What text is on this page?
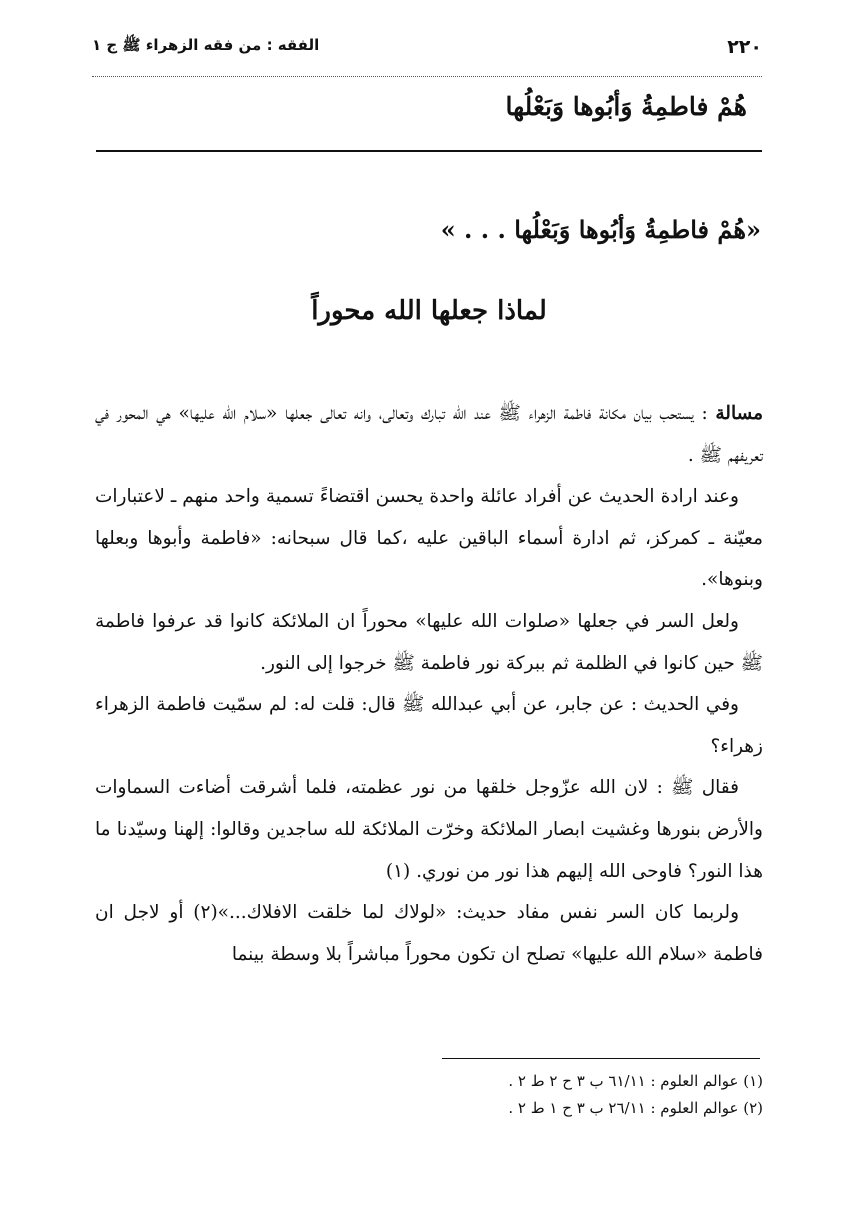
٢٢٠
الفقه : من فقه الزهراء ﷺ ج ١
هُمْ فاطمِةُ وَأبُوها وَبَعْلُها
«هُمْ فاطمِةُ وَأبُوها وَبَعْلُها . . . »
لماذا جعلها الله محوراً

مسالة : يستحب بيان مكانة فاطمة الزهراء ﷺ عند الله تبارك وتعالى، وانه تعالى جعلها «سلام الله عليها» هي المحور في تعريفهم ﷺ .

وعند ارادة الحديث عن أفراد عائلة واحدة يحسن اقتضاءً تسمية واحد منهم ـ لاعتبارات معيّنة ـ كمركز، ثم ادارة أسماء الباقين عليه ،كما قال سبحانه: «فاطمة وأبوها وبعلها وبنوها».

ولعل السر في جعلها «صلوات الله عليها» محوراً ان الملائكة كانوا قد عرفوا فاطمة ﷺ حين كانوا في الظلمة ثم ببركة نور فاطمة ﷺ خرجوا إلى النور.

وفي الحديث : عن جابر، عن أبي عبدالله ﷺ قال: قلت له: لم سمّيت فاطمة الزهراء زهراء؟

فقال ﷺ : لان الله عزّوجل خلقها من نور عظمته، فلما أشرقت أضاءت السماوات والأرض بنورها وغشيت ابصار الملائكة وخرّت الملائكة لله ساجدين وقالوا: إلهنا وسيّدنا ما هذا النور؟ فاوحى الله إليهم هذا نور من نوري. (١)

ولربما كان السر نفس مفاد حديث: «لولاك لما خلقت الافلاك...»(٢) أو لاجل ان فاطمة «سلام الله عليها» تصلح ان تكون محوراً مباشراً بلا وسطة بينما

(١) عوالم العلوم : ٦١/١١ ب ٣ ح ٢ ط ٢ .
(٢) عوالم العلوم : ٢٦/١١ ب ٣ ح ١ ط ٢ .
